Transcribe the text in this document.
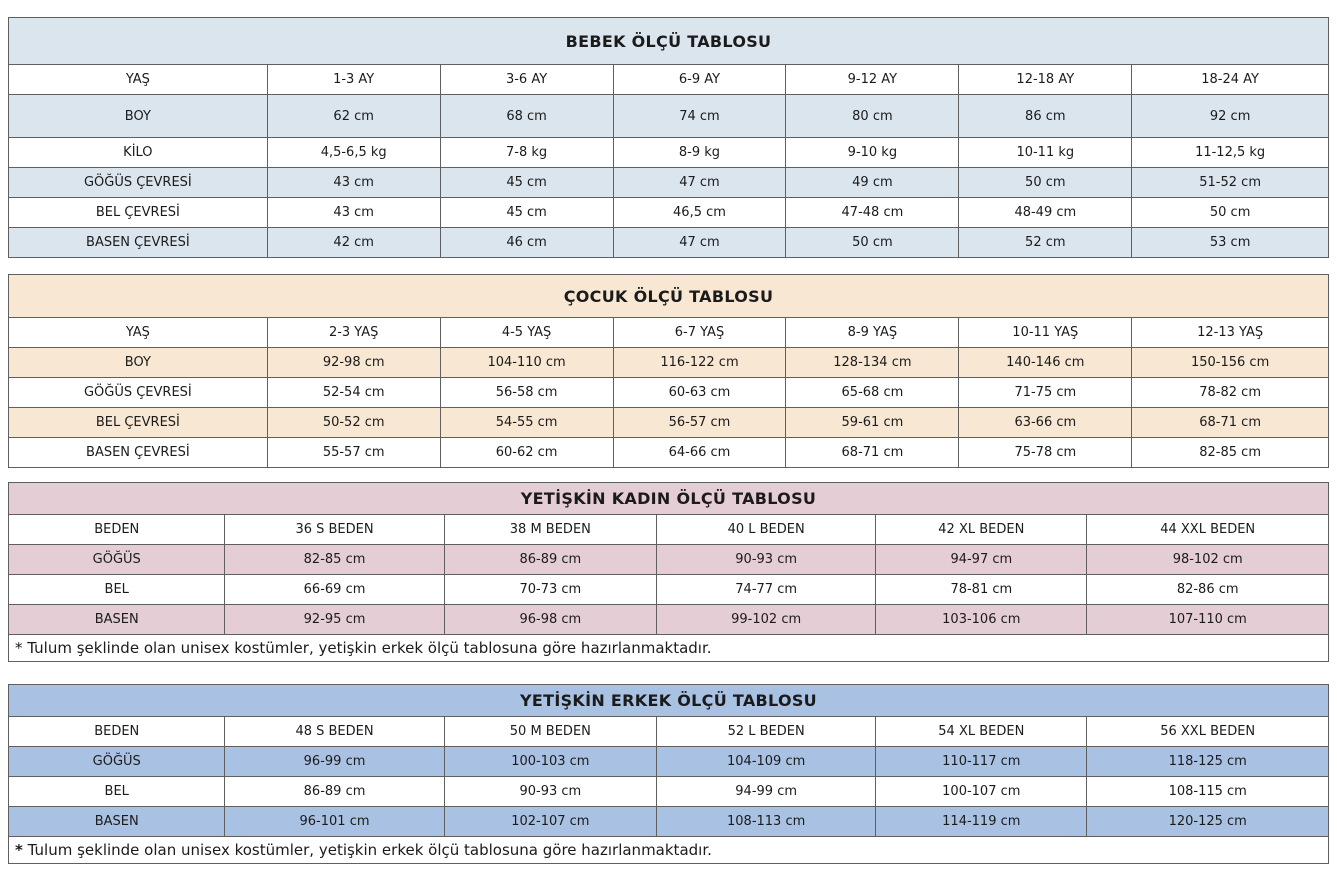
BEBEK ÖLÇÜ TABLOSU						
YAŞ	1-3 AY	3-6 AY	6-9 AY	9-12 AY	12-18 AY	18-24 AY
BOY	62 cm	68 cm	74 cm	80 cm	86 cm	92 cm
KİLO	4,5-6,5 kg	7-8 kg	8-9 kg	9-10 kg	10-11 kg	11-12,5 kg
GÖĞÜS ÇEVRESİ	43 cm	45 cm	47 cm	49 cm	50 cm	51-52 cm
BEL ÇEVRESİ	43 cm	45 cm	46,5 cm	47-48 cm	48-49 cm	50 cm
BASEN ÇEVRESİ	42 cm	46 cm	47 cm	50 cm	52 cm	53 cm
ÇOCUK ÖLÇÜ TABLOSU						
YAŞ	2-3 YAŞ	4-5 YAŞ	6-7 YAŞ	8-9 YAŞ	10-11 YAŞ	12-13 YAŞ
BOY	92-98 cm	104-110 cm	116-122 cm	128-134 cm	140-146 cm	150-156 cm
GÖĞÜS ÇEVRESİ	52-54 cm	56-58 cm	60-63 cm	65-68 cm	71-75 cm	78-82 cm
BEL ÇEVRESİ	50-52 cm	54-55 cm	56-57 cm	59-61 cm	63-66 cm	68-71 cm
BASEN ÇEVRESİ	55-57 cm	60-62 cm	64-66 cm	68-71 cm	75-78 cm	82-85 cm
YETİŞKİN KADIN ÖLÇÜ TABLOSU					
BEDEN	36 S BEDEN	38 M BEDEN	40 L BEDEN	42 XL BEDEN	44 XXL BEDEN
GÖĞÜS	82-85 cm	86-89 cm	90-93 cm	94-97 cm	98-102 cm
BEL	66-69 cm	70-73 cm	74-77 cm	78-81 cm	82-86 cm
BASEN	92-95 cm	96-98 cm	99-102 cm	103-106 cm	107-110 cm
* Tulum şeklinde olan unisex kostümler, yetişkin erkek ölçü tablosuna göre hazırlanmaktadır.					
YETİŞKİN ERKEK ÖLÇÜ TABLOSU					
BEDEN	48 S BEDEN	50 M BEDEN	52 L BEDEN	54 XL BEDEN	56 XXL BEDEN
GÖĞÜS	96-99 cm	100-103 cm	104-109 cm	110-117 cm	118-125 cm
BEL	86-89 cm	90-93 cm	94-99 cm	100-107 cm	108-115 cm
BASEN	96-101 cm	102-107 cm	108-113 cm	114-119 cm	120-125 cm
* Tulum şeklinde olan unisex kostümler, yetişkin erkek ölçü tablosuna göre hazırlanmaktadır.					
